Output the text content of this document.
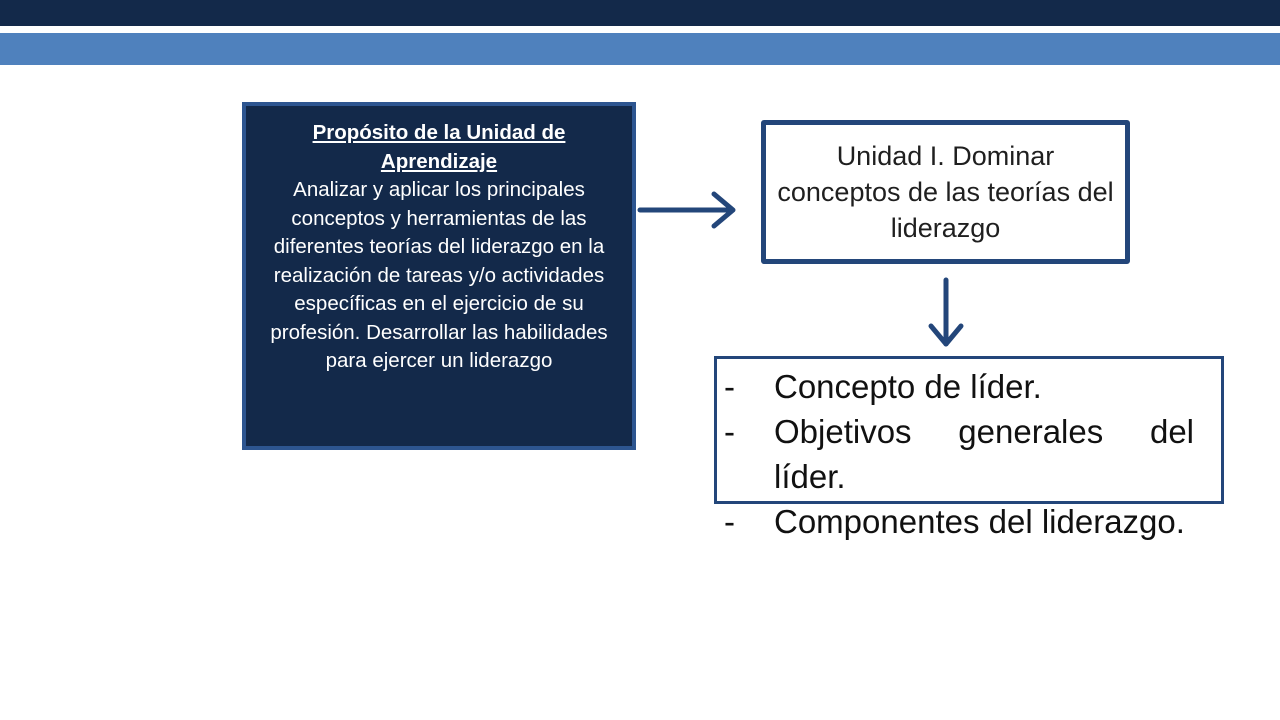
Propósito de la Unidad de Aprendizaje
Analizar y aplicar los principales conceptos y herramientas de las diferentes teorías del liderazgo en la realización de tareas y/o actividades específicas en el ejercicio de su profesión. Desarrollar las habilidades para ejercer un liderazgo
Unidad I. Dominar conceptos de las teorías del liderazgo
-	Concepto de líder.
-	Objetivos generales del líder.
-	Componentes del liderazgo.
